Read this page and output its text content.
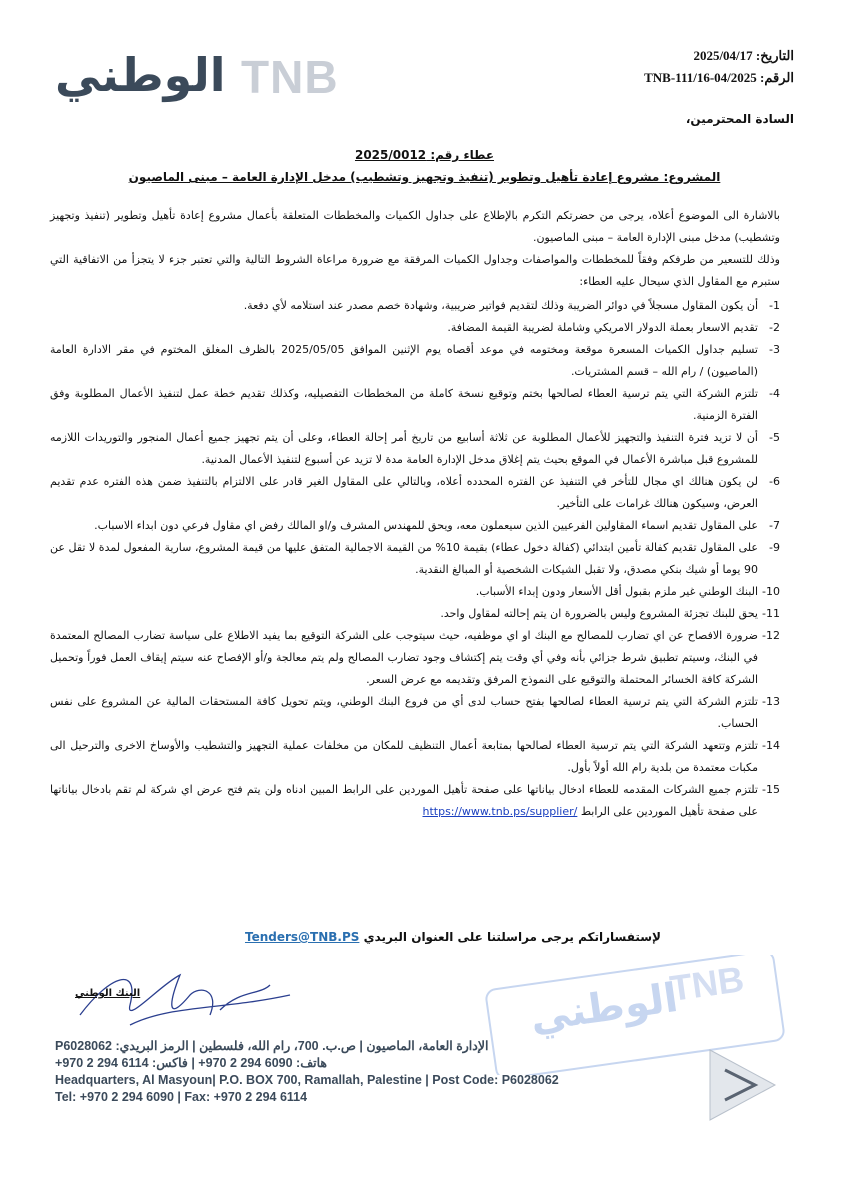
الوطني TNB	التاريخ: 2025/04/17
الرقم: TNB-111/16-04/2025
السادة المحترمين،
عطاء رقم: 2025/0012
المشروع: مشروع إعادة تأهيل وتطوير (تنفيذ وتجهيز وتشطيب) مدخل الإدارة العامة – مبنى الماصيون

بالاشارة الى الموضوع أعلاه، يرجى من حضرتكم التكرم بالإطلاع على جداول الكميات والمخططات المتعلقة بأعمال مشروع إعادة تأهيل وتطوير (تنفيذ وتجهيز وتشطيب) مدخل مبنى الإدارة العامة – مبنى الماصيون.

وذلك للتسعير من طرفكم وفقاً للمخططات والمواصفات وجداول الكميات المرفقة مع ضرورة مراعاة الشروط التالية والتي تعتبر جزء لا يتجزأ من الاتفاقية التي ستبرم مع المقاول الذي سيحال عليه العطاء:

1-
أن يكون المقاول مسجلاً في دوائر الضريبة وذلك لتقديم فواتير ضريبية، وشهادة خصم مصدر عند استلامه لأي دفعة.

2-
تقديم الاسعار بعملة الدولار الامريكي وشاملة لضريبة القيمة المضافة.

3-
تسليم جداول الكميات المسعرة موقعة ومختومه في موعد أقصاه يوم الإثنين الموافق 2025/05/05 بالظرف المغلق المختوم في مقر الادارة العامة (الماصيون) / رام الله – قسم المشتريات.

4-
تلتزم الشركة التي يتم ترسية العطاء لصالحها بختم وتوقيع نسخة كاملة من المخططات التفصيليه، وكذلك تقديم خطة عمل لتنفيذ الأعمال المطلوبة وفق الفترة الزمنية.

5-
أن لا تزيد فترة التنفيذ والتجهيز للأعمال المطلوبة عن ثلاثة أسابيع من تاريخ أمر إحالة العطاء، وعلى أن يتم تجهيز جميع أعمال المنجور والتوريدات اللازمه للمشروع قبل مباشرة الأعمال في الموقع بحيث يتم إغلاق مدخل الإدارة العامة مدة لا تزيد عن أسبوع لتنفيذ الأعمال المدنية.

6-
لن يكون هنالك اي مجال للتأخر في التنفيذ عن الفتره المحدده أعلاه، وبالتالي على المقاول الغير قادر على الالتزام بالتنفيذ ضمن هذه الفتره عدم تقديم العرض، وسيكون هنالك غرامات على التأخير.

7-
على المقاول تقديم اسماء المقاولين الفرعيين الذين سيعملون معه، ويحق للمهندس المشرف و/او المالك رفض اي مقاول فرعي دون ابداء الاسباب.

9-
على المقاول تقديم كفالة تأمين ابتدائي (كفالة دخول عطاء) بقيمة 10% من القيمة الاجمالية المتفق عليها من قيمة المشروع، سارية المفعول لمدة لا تقل عن 90 يوما أو شيك بنكي مصدق، ولا تقبل الشيكات الشخصية أو المبالغ النقدية.

10-
البنك الوطني غير ملزم بقبول أقل الأسعار ودون إبداء الأسباب.

11-
يحق للبنك تجزئة المشروع وليس بالضرورة ان يتم إحالته لمقاول واحد.

12-
ضرورة الافصاح عن اي تضارب للمصالح مع البنك او اي موظفيه، حيث سيتوجب على الشركة التوقيع بما يفيد الاطلاع على سياسة تضارب المصالح المعتمدة في البنك، وسيتم تطبيق شرط جزائي بأنه وفي أي وقت يتم إكتشاف وجود تضارب المصالح ولم يتم معالجة و/أو الإفصاح عنه سيتم إيقاف العمل فوراً وتحميل الشركة كافة الخسائر المحتملة والتوقيع على النموذج المرفق وتقديمه مع عرض السعر.

13-
تلتزم الشركة التي يتم ترسية العطاء لصالحها بفتح حساب لدى أي من فروع البنك الوطني، ويتم تحويل كافة المستحقات المالية عن المشروع على نفس الحساب.

14-
تلتزم وتتعهد الشركة التي يتم ترسية العطاء لصالحها بمتابعة أعمال التنظيف للمكان من مخلفات عملية التجهيز والتشطيب والأوساخ الاخرى والترحيل الى مكبات معتمدة من بلدية رام الله أولاً بأول.

15-
تلتزم جميع الشركات المقدمه للعطاء ادخال بياناتها على صفحة تأهيل الموردين على الرابط المبين ادناه ولن يتم فتح عرض اي شركة لم تقم بادخال بياناتها على صفحة تأهيل الموردين على الرابط https://www.tnb.ps/supplier/

لإستفساراتكم يرجى مراسلتنا على العنوان البريدي Tenders@TNB.PS
البنك الوطني	الوطني
TNB
الإدارة العامة، الماصيون | ص.ب. 700، رام الله، فلسطين | الرمز البريدي: P6028062
هاتف: 6090 294 2 970+ | فاكس: 6114 294 2 970+
Headquarters, Al Masyoun| P.O. BOX 700, Ramallah, Palestine | Post Code: P6028062
Tel: +970 2 294 6090 | Fax: +970 2 294 6114
